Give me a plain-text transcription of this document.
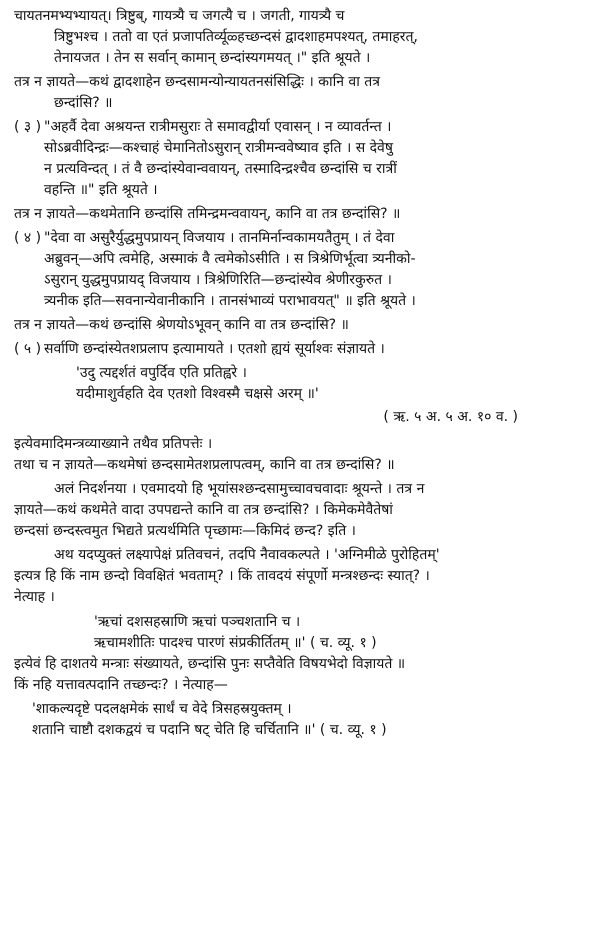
चायतनमभ्यभ्यायत्। त्रिष्टुब्, गायत्र्यै च जगत्यै च । जगती, गायत्र्यै च
त्रिष्टुभश्च । ततो वा एतं प्रजापतिर्व्यूळ्हच्छन्दसं द्वादशाहमपश्यत्, तमाहरत्,
तेनायजत । तेन स सर्वान् कामान् छन्दांस्यगमयत् ।" इति श्रूयते ।
तत्र न ज्ञायते—कथं द्वादशाहेन छन्दसामन्योन्यायतनसंसिद्धिः । कानि वा तत्र
छन्दांसि? ॥
( ३ ) "अहर्वै देवा अश्रयन्त रात्रीमसुराः ते समावद्वीर्या एवासन् । न व्यावर्तन्त ।
सोऽब्रवीदिन्द्रः—कश्चाहं चेमानितोऽसुरान् रात्रीमन्ववेष्याव इति । स देवेषु
न प्रत्यविन्दत् । तं वै छन्दांस्येवान्ववायन्, तस्मादिन्द्रश्चैव छन्दांसि च रात्रीं
वहन्ति ॥" इति श्रूयते ।
तत्र न ज्ञायते—कथमेतानि छन्दांसि तमिन्द्रमन्ववायन्, कानि वा तत्र छन्दांसि? ॥
( ४ ) "देवा वा असुरैर्युद्धमुपप्रायन् विजयाय । तानमिर्नान्वकामयतैतुम् । तं देवा
अब्रुवन्—अपि त्वमेहि, अस्माकं वै त्वमेकोऽसीति । स त्रिश्रेणिर्भूत्वा त्र्यनीको-
ऽसुरान् युद्धमुपप्रायद् विजयाय । त्रिश्रेणिरिति—छन्दांस्येव श्रेणीरकुरुत ।
त्र्यनीक इति—सवनान्येवानीकानि । तानसंभाव्यं पराभावयत्" ॥ इति श्रूयते ।
तत्र न ज्ञायते—कथं छन्दांसि श्रेणयोऽभूवन् कानि वा तत्र छन्दांसि? ॥
( ५ ) सर्वाणि छन्दांस्येतशप्रलाप इत्यामायते । एतशो ह्ययं सूर्याश्वः संज्ञायते ।
'उदु त्यद्दर्शतं वपुर्दिव एति प्रतिह्वरे ।
यदीमाशुर्वहति देव एतशो विश्वस्मै चक्षसे अरम् ॥'
( ऋ. ५ अ. ५ अ. १० व. )
इत्येवमादिमन्त्रव्याख्याने तथैव प्रतिपत्तेः ।
तथा च न ज्ञायते—कथमेषां छन्दसामेतशप्रलापत्वम्, कानि वा तत्र छन्दांसि? ॥
अलं निदर्शनया । एवमादयो हि भूयांसश्छन्दसामुच्चावचवादाः श्रूयन्ते । तत्र न
ज्ञायते—कथं कथमेते वादा उपपद्यन्ते कानि वा तत्र छन्दांसि? । किमेकमेवैतेषां
छन्दसां छन्दस्त्वमुत भिद्यते प्रत्यर्थमिति पृच्छामः—किमिदं छन्द? इति ।
अथ यदप्युक्तं लक्ष्यापेक्षं प्रतिवचनं, तदपि नैवावकल्पते । 'अग्निमीळे पुरोहितम्'
इत्यत्र हि किं नाम छन्दो विवक्षितं भवताम्? । किं तावदयं संपूर्णो मन्त्रश्छन्दः स्यात्? ।
नेत्याह ।
'ऋचां दशसहस्राणि ऋचां पञ्चशतानि च ।
ऋचामशीतिः पादश्च पारणं संप्रकीर्तितम् ॥' ( च. व्यू. १ )
इत्येवं हि दाशतये मन्त्राः संख्यायते, छन्दांसि पुनः सप्तैवेति विषयभेदो विज्ञायते ॥
किं नहि यत्तावत्पदानि तच्छन्दः? । नेत्याह—
'शाकल्यदृष्टे पदलक्षमेकं सार्धं च वेदे त्रिसहस्रयुक्तम् ।
शतानि चाष्टौ दशकद्वयं च पदानि षट् चेति हि चर्चितानि ॥' ( च. व्यू. १ )
